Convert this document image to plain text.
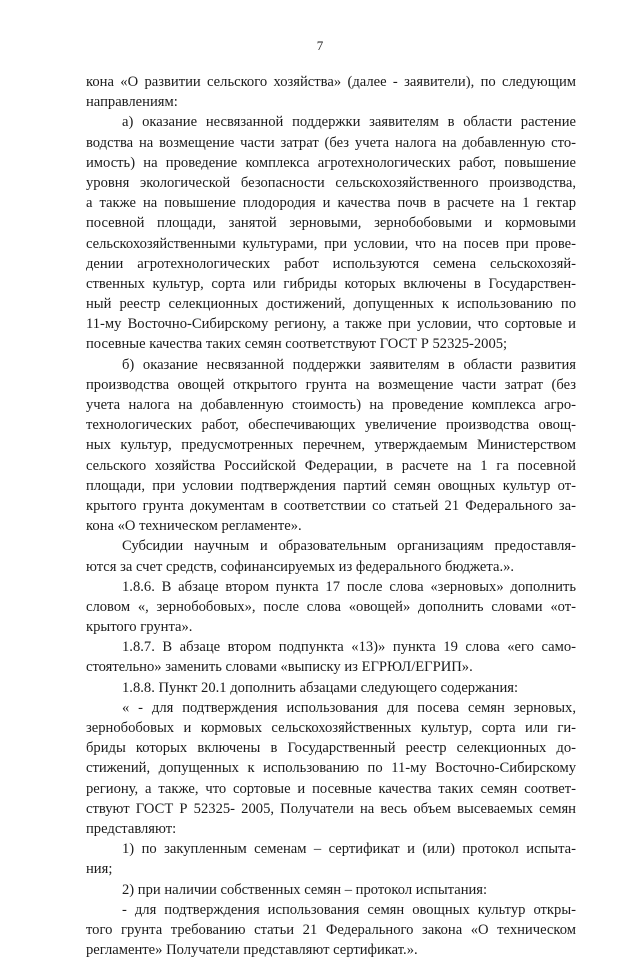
7
кона «О развитии сельского хозяйства» (далее - заявители), по следующим
направлениям:
а) оказание несвязанной поддержки заявителям в области растениe
водства на возмещение части затрат (без учета налога на добавленную сто-
имость) на проведение комплекса агротехнологических работ, повышение
уровня экологической безопасности сельскохозяйственного производства,
а также на повышение плодородия и качества почв в расчете на 1 гектар
посевной площади, занятой зерновыми, зернобобовыми и кормовыми
сельскохозяйственными культурами, при условии, что на посев при прове-
дении агротехнологических работ используются семена сельскохозяй-
ственных культур, сорта или гибриды которых включены в Государствен-
ный реестр селекционных достижений, допущенных к использованию по
11-му Восточно-Сибирскому региону, а также при условии, что сортовые и
посевные качества таких семян соответствуют ГОСТ Р 52325-2005;
б) оказание несвязанной поддержки заявителям в области развития
производства овощей открытого грунта на возмещение части затрат (без
учета налога на добавленную стоимость) на проведение комплекса агро-
технологических работ, обеспечивающих увеличение производства овощ-
ных культур, предусмотренных перечнем, утверждаемым Министерством
сельского хозяйства Российской Федерации, в расчете на 1 га посевной
площади, при условии подтверждения партий семян овощных культур от-
крытого грунта документам в соответствии со статьей 21 Федерального за-
кона «О техническом регламенте».
Субсидии научным и образовательным организациям предоставля-
ются за счет средств, софинансируемых из федерального бюджета.».
1.8.6. В абзаце втором пункта 17 после слова «зерновых» дополнить
словом «, зернобобовых», после слова «овощей» дополнить словами «от-
крытого грунта».
1.8.7. В абзаце втором подпункта «13)» пункта 19 слова «его само-
стоятельно» заменить словами «выписку из ЕГРЮЛ/ЕГРИП».
1.8.8. Пункт 20.1 дополнить абзацами следующего содержания:
« - для подтверждения использования для посева семян зерновых,
зернобобовых и кормовых сельскохозяйственных культур, сорта или ги-
бриды которых включены в Государственный реестр селекционных до-
стижений, допущенных к использованию по 11-му Восточно-Сибирскому
региону, а также, что сортовые и посевные качества таких семян соответ-
ствуют ГОСТ Р 52325- 2005, Получатели на весь объем высеваемых семян
представляют:
1) по закупленным семенам – сертификат и (или) протокол испыта-
ния;
2) при наличии собственных семян – протокол испытания:
- для подтверждения использования семян овощных культур откры-
того грунта требованию статьи 21 Федерального закона «О техническом
регламенте» Получатели представляют сертификат.».
